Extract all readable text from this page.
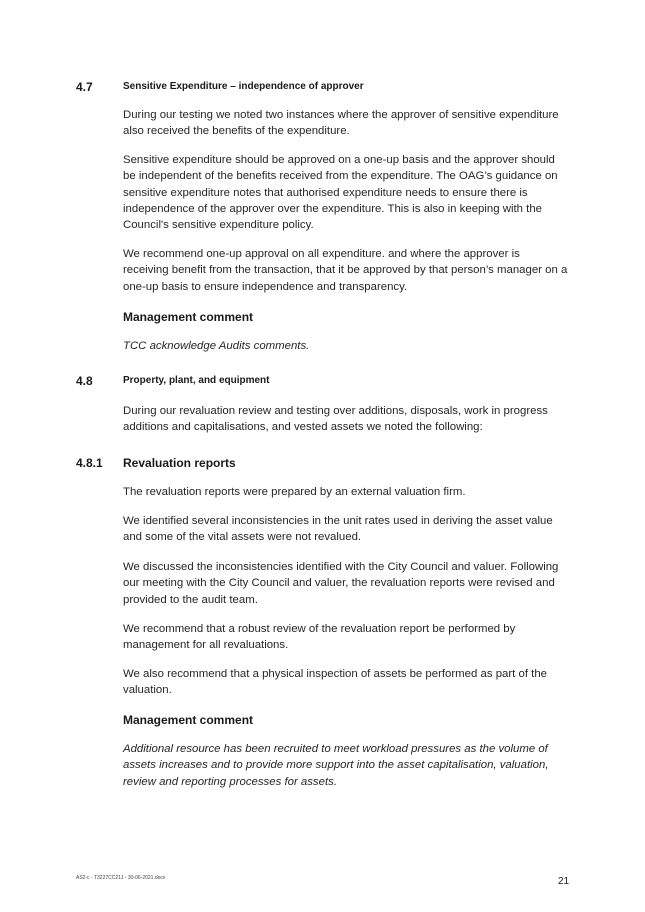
4.7	Sensitive Expenditure – independence of approver

During our testing we noted two instances where the approver of sensitive expenditure also received the benefits of the expenditure.

Sensitive expenditure should be approved on a one-up basis and the approver should be independent of the benefits received from the expenditure. The OAG’s guidance on sensitive expenditure notes that authorised expenditure needs to ensure there is independence of the approver over the expenditure. This is also in keeping with the Council's sensitive expenditure policy.

We recommend one-up approval on all expenditure. and where the approver is receiving benefit from the transaction, that it be approved by that person’s manager on a one-up basis to ensure independence and transparency.

Management comment

TCC acknowledge Audits comments.

4.8	Property, plant, and equipment

During our revaluation review and testing over additions, disposals, work in progress additions and capitalisations, and vested assets we noted the following:

4.8.1 Revaluation reports

The revaluation reports were prepared by an external valuation firm.

We identified several inconsistencies in the unit rates used in deriving the asset value and some of the vital assets were not revalued.

We discussed the inconsistencies identified with the City Council and valuer. Following our meeting with the City Council and valuer, the revaluation reports were revised and provided to the audit team.

We recommend that a robust review of the revaluation report be performed by management for all revaluations.

We also recommend that a physical inspection of assets be performed as part of the valuation.

Management comment

Additional resource has been recruited to meet workload pressures as the volume of assets increases and to provide more support into the asset capitalisation, valuation, review and reporting processes for assets.

AS2-c - T3227CC21J - 30-06-2021.docx	21
